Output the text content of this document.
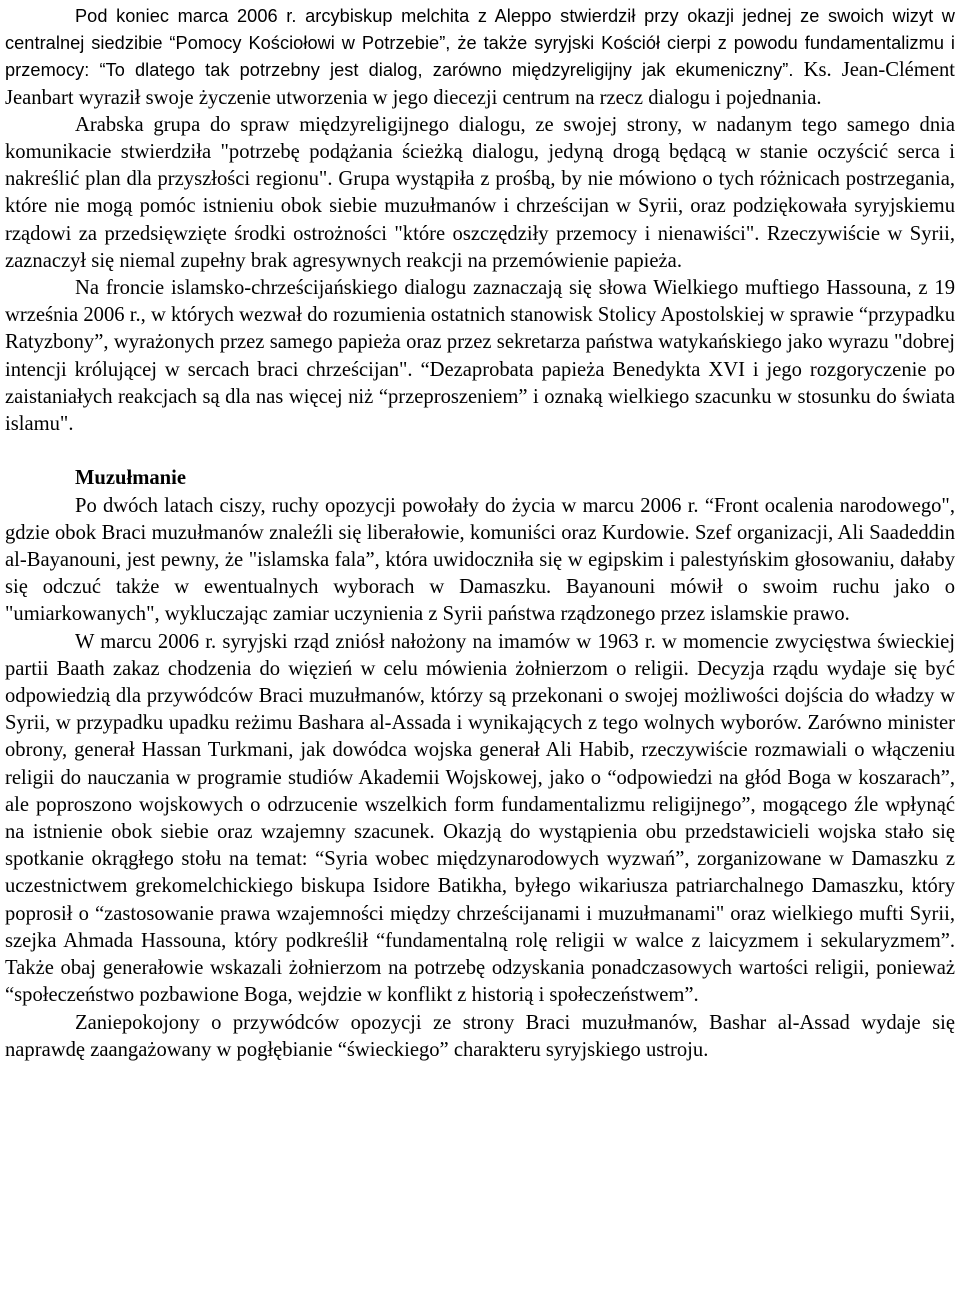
Pod koniec marca 2006 r. arcybiskup melchita z Aleppo stwierdził przy okazji jednej ze swoich wizyt w centralnej siedzibie “Pomocy Kościołowi w Potrzebie”, że także syryjski Kościół cierpi z powodu fundamentalizmu i przemocy: “To dlatego tak potrzebny jest dialog, zarówno międzyreligijny jak ekumeniczny”. Ks. Jean-Clément Jeanbart wyraził swoje życzenie utworzenia w jego diecezji centrum na rzecz dialogu i pojednania.

Arabska grupa do spraw międzyreligijnego dialogu, ze swojej strony, w nadanym tego samego dnia komunikacie stwierdziła "potrzebę podążania ścieżką dialogu, jedyną drogą będącą w stanie oczyścić serca i nakreślić plan dla przyszłości regionu". Grupa wystąpiła z prośbą, by nie mówiono o tych różnicach postrzegania, które nie mogą pomóc istnieniu obok siebie muzułmanów i chrześcijan w Syrii, oraz podziękowała syryjskiemu rządowi za przedsięwzięte środki ostrożności "które oszczędziły przemocy i nienawiści". Rzeczywiście w Syrii, zaznaczył się niemal zupełny brak agresywnych reakcji na przemówienie papieża.

Na froncie islamsko-chrześcijańskiego dialogu zaznaczają się słowa Wielkiego muftiego Hassouna, z 19 września 2006 r., w których wezwał do rozumienia ostatnich stanowisk Stolicy Apostolskiej w sprawie “przypadku Ratyzbony”, wyrażonych przez samego papieża oraz przez sekretarza państwa watykańskiego jako wyrazu "dobrej intencji królującej w sercach braci chrześcijan". “Dezaprobata papieża Benedykta XVI i jego rozgoryczenie po zaistaniałych reakcjach są dla nas więcej niż “przeproszeniem” i oznaką wielkiego szacunku w stosunku do świata islamu".

Muzułmanie

Po dwóch latach ciszy, ruchy opozycji powołały do życia w marcu 2006 r. “Front ocalenia narodowego", gdzie obok Braci muzułmanów znaleźli się liberałowie, komuniści oraz Kurdowie. Szef organizacji, Ali Saadeddin al-Bayanouni, jest pewny, że "islamska fala”, która uwidoczniła się w egipskim i palestyńskim głosowaniu, dałaby się odczuć także w ewentualnych wyborach w Damaszku. Bayanouni mówił o swoim ruchu jako o "umiarkowanych", wykluczając zamiar uczynienia z Syrii państwa rządzonego przez islamskie prawo.

W marcu 2006 r. syryjski rząd zniósł nałożony na imamów w 1963 r. w momencie zwycięstwa świeckiej partii Baath zakaz chodzenia do więzień w celu mówienia żołnierzom o religii. Decyzja rządu wydaje się być odpowiedzią dla przywódców Braci muzułmanów, którzy są przekonani o swojej możliwości dojścia do władzy w Syrii, w przypadku upadku reżimu Bashara al-Assada i wynikających z tego wolnych wyborów. Zarówno minister obrony, generał Hassan Turkmani, jak dowódca wojska generał Ali Habib, rzeczywiście rozmawiali o włączeniu religii do nauczania w programie studiów Akademii Wojskowej, jako o “odpowiedzi na głód Boga w koszarach”, ale poproszono wojskowych o odrzucenie wszelkich form fundamentalizmu religijnego”, mogącego źle wpłynąć na istnienie obok siebie oraz wzajemny szacunek. Okazją do wystąpienia obu przedstawicieli wojska stało się spotkanie okrągłego stołu na temat: “Syria wobec międzynarodowych wyzwań”, zorganizowane w Damaszku z uczestnictwem grekomelchickiego biskupa Isidore Batikha, byłego wikariusza patriarchalnego Damaszku, który poprosił o “zastosowanie prawa wzajemności między chrześcijanami i muzułmanami" oraz wielkiego mufti Syrii, szejka Ahmada Hassouna, który podkreślił “fundamentalną rolę religii w walce z laicyzmem i sekularyzmem”. Także obaj generałowie wskazali żołnierzom na potrzebę odzyskania ponadczasowych wartości religii, ponieważ “społeczeństwo pozbawione Boga, wejdzie w konflikt z historią i społeczeństwem”.

Zaniepokojony o przywódców opozycji ze strony Braci muzułmanów, Bashar al-Assad wydaje się naprawdę zaangażowany w pogłębianie “świeckiego” charakteru syryjskiego ustroju.
